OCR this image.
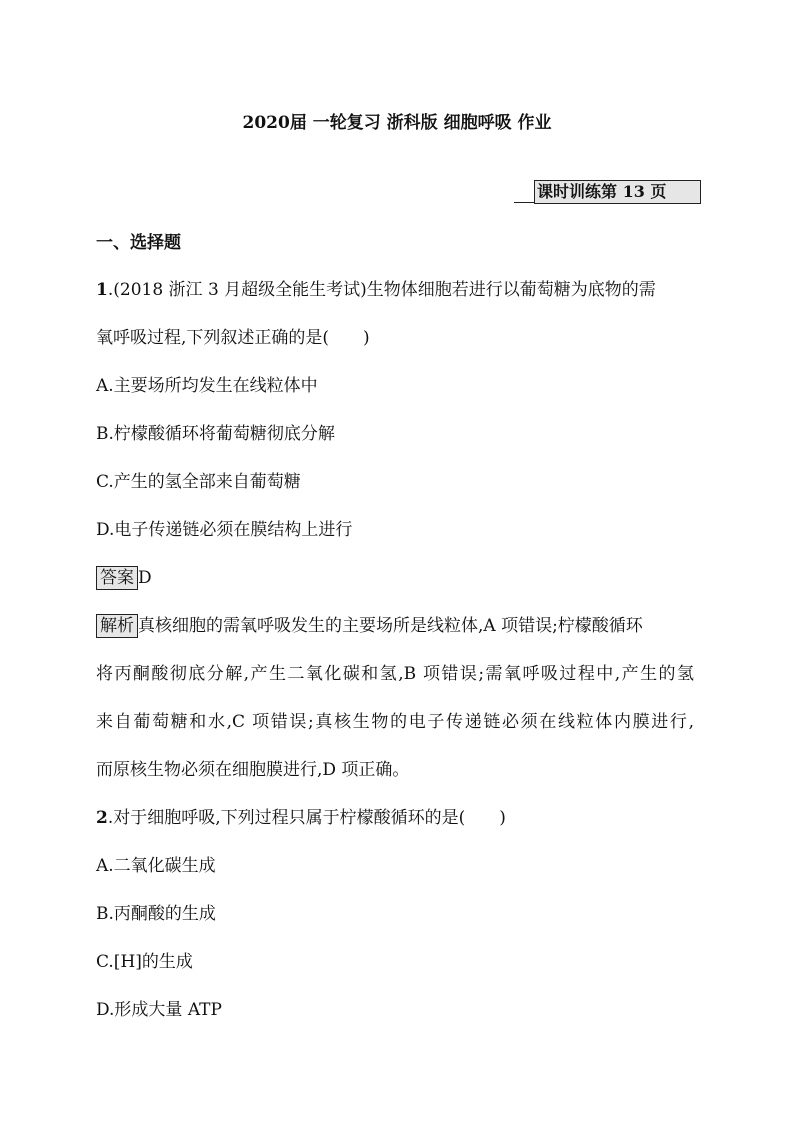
2020届 一轮复习 浙科版 细胞呼吸 作业
课时训练第 13 页
一、选择题
1.(2018 浙江 3 月超级全能生考试)生物体细胞若进行以葡萄糖为底物的需
氧呼吸过程,下列叙述正确的是(　　)
A.主要场所均发生在线粒体中
B.柠檬酸循环将葡萄糖彻底分解
C.产生的氢全部来自葡萄糖
D.电子传递链必须在膜结构上进行
答案 D
解析 真核细胞的需氧呼吸发生的主要场所是线粒体,A 项错误;柠檬酸循环
将丙酮酸彻底分解,产生二氧化碳和氢,B 项错误;需氧呼吸过程中,产生的氢
来自葡萄糖和水,C 项错误;真核生物的电子传递链必须在线粒体内膜进行,
而原核生物必须在细胞膜进行,D 项正确。
2.对于细胞呼吸,下列过程只属于柠檬酸循环的是(　　)
A.二氧化碳生成
B.丙酮酸的生成
C.[H]的生成
D.形成大量 ATP
